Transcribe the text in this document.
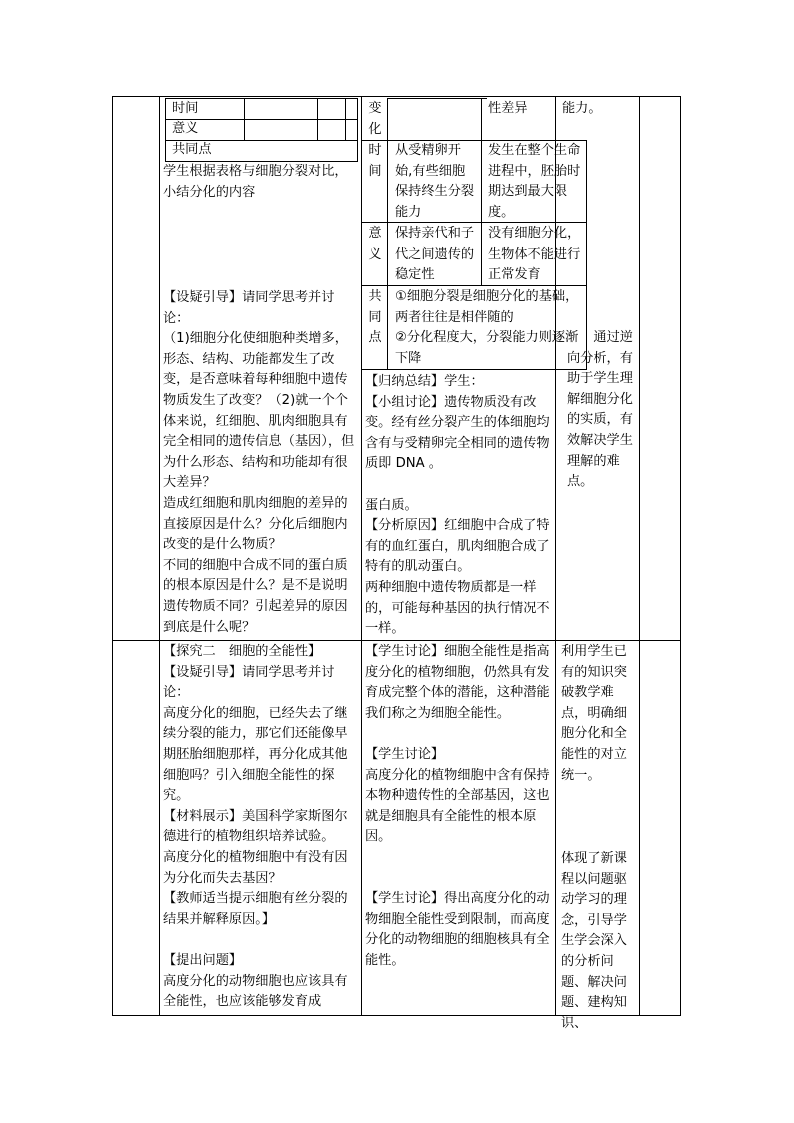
时间
意义
共同点
学生根据表格与细胞分裂对比，小结分化的内容
【设疑引导】请同学思考并讨论：
（1)细胞分化使细胞种类增多，形态、结构、功能都发生了改变，是否意味着每种细胞中遗传物质发生了改变？（2)就一个个体来说，红细胞、肌肉细胞具有完全相同的遗传信息（基因），但为什么形态、结构和功能却有很大差异？
造成红细胞和肌肉细胞的差异的直接原因是什么？分化后细胞内改变的是什么物质？
不同的细胞中合成不同的蛋白质的根本原因是什么？是不是说明遗传物质不同？引起差异的原因到底是什么呢？
变化
性差异	能力。
时间
从受精卵开始,有些细胞保持终生分裂能力
发生在整个生命进程中，胚胎时期达到最大限度。
意义
保持亲代和子代之间遗传的稳定性
没有细胞分化，生物体不能进行正常发育
共同点
①细胞分裂是细胞分化的基础，两者往往是相伴随的
②分化程度大，分裂能力则逐渐下降
【归纳总结】学生：
【小组讨论】遗传物质没有改变。经有丝分裂产生的体细胞均含有与受精卵完全相同的遗传物质即 DNA 。
蛋白质。
【分析原因】红细胞中合成了特有的血红蛋白，肌肉细胞合成了特有的肌动蛋白。
两种细胞中遗传物质都是一样的，可能每种基因的执行情况不一样。
通过逆向分析，有助于学生理解细胞分化的实质，有效解决学生理解的难点。
【探究二　细胞的全能性】
【设疑引导】请同学思考并讨论：
高度分化的细胞，已经失去了继续分裂的能力，那它们还能像早期胚胎细胞那样，再分化成其他细胞吗？引入细胞全能性的探究。
【材料展示】美国科学家斯图尔德进行的植物组织培养试验。
高度分化的植物细胞中有没有因为分化而失去基因？
【教师适当提示细胞有丝分裂的结果并解释原因。】
【提出问题】
高度分化的动物细胞也应该具有全能性，也应该能够发育成
【学生讨论】细胞全能性是指高度分化的植物细胞，仍然具有发育成完整个体的潜能，这种潜能我们称之为细胞全能性。
【学生讨论】
高度分化的植物细胞中含有保持本物种遗传性的全部基因，这也就是细胞具有全能性的根本原因。
【学生讨论】得出高度分化的动物细胞全能性受到限制，而高度分化的动物细胞的细胞核具有全能性。
利用学生已有的知识突破教学难点，明确细胞分化和全能性的对立统一。
体现了新课程以问题驱动学习的理念，引导学生学会深入的分析问题、解决问题、建构知识、
